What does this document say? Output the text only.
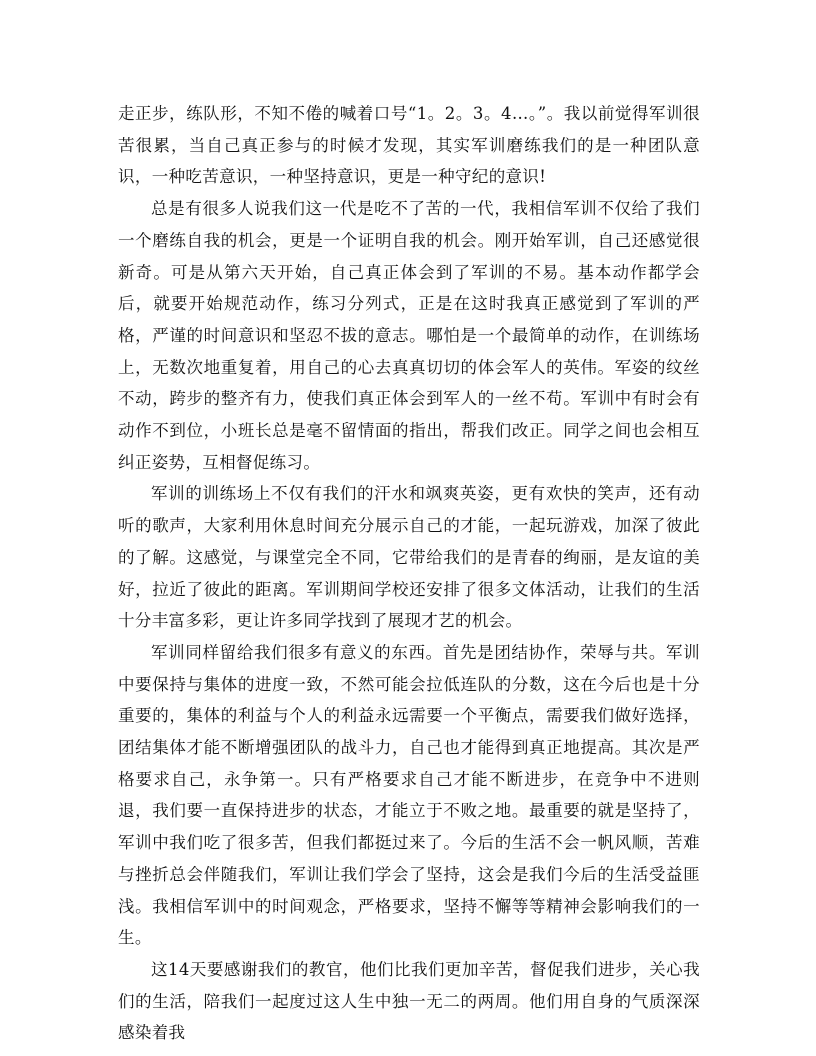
走正步，练队形，不知不倦的喊着口号“1。2。3。4…。”。我以前觉得军训很苦很累，当自己真正参与的时候才发现，其实军训磨练我们的是一种团队意识，一种吃苦意识，一种坚持意识，更是一种守纪的意识!

总是有很多人说我们这一代是吃不了苦的一代，我相信军训不仅给了我们一个磨练自我的机会，更是一个证明自我的机会。刚开始军训，自己还感觉很新奇。可是从第六天开始，自己真正体会到了军训的不易。基本动作都学会后，就要开始规范动作，练习分列式，正是在这时我真正感觉到了军训的严格，严谨的时间意识和坚忍不拔的意志。哪怕是一个最简单的动作，在训练场上，无数次地重复着，用自己的心去真真切切的体会军人的英伟。军姿的纹丝不动，跨步的整齐有力，使我们真正体会到军人的一丝不苟。军训中有时会有动作不到位，小班长总是毫不留情面的指出，帮我们改正。同学之间也会相互纠正姿势，互相督促练习。

军训的训练场上不仅有我们的汗水和飒爽英姿，更有欢快的笑声，还有动听的歌声，大家利用休息时间充分展示自己的才能，一起玩游戏，加深了彼此的了解。这感觉，与课堂完全不同，它带给我们的是青春的绚丽，是友谊的美好，拉近了彼此的距离。军训期间学校还安排了很多文体活动，让我们的生活十分丰富多彩，更让许多同学找到了展现才艺的机会。

军训同样留给我们很多有意义的东西。首先是团结协作，荣辱与共。军训中要保持与集体的进度一致，不然可能会拉低连队的分数，这在今后也是十分重要的，集体的利益与个人的利益永远需要一个平衡点，需要我们做好选择，团结集体才能不断增强团队的战斗力，自己也才能得到真正地提高。其次是严格要求自己，永争第一。只有严格要求自己才能不断进步，在竞争中不进则退，我们要一直保持进步的状态，才能立于不败之地。最重要的就是坚持了，军训中我们吃了很多苦，但我们都挺过来了。今后的生活不会一帆风顺，苦难与挫折总会伴随我们，军训让我们学会了坚持，这会是我们今后的生活受益匪浅。我相信军训中的时间观念，严格要求，坚持不懈等等精神会影响我们的一生。

这14天要感谢我们的教官，他们比我们更加辛苦，督促我们进步，关心我们的生活，陪我们一起度过这人生中独一无二的两周。他们用自身的气质深深感染着我
